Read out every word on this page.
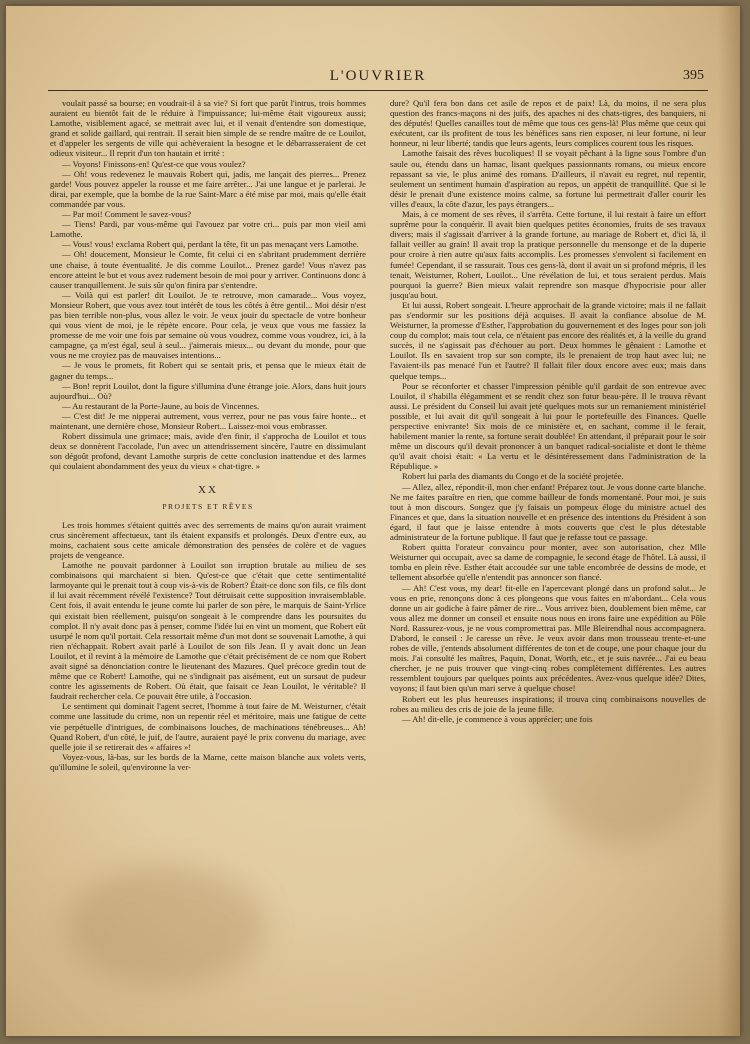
L'OUVRIER	395

voulait passé sa bourse; en voudrait-il à sa vie? Si fort que parût l'intrus, trois hommes auraient eu bientôt fait de le réduire à l'impuissance; lui-même était vigoureux aussi; Lamothe, visiblement agacé, se mettrait avec lui, et il venait d'entendre son domestique, grand et solide gaillard, qui rentrait. Il serait bien simple de se rendre maître de ce Louilot, et d'appeler les sergents de ville qui achèveraient la besogne et le débarrasseraient de cet odieux visiteur... Il reprit d'un ton hautain et irrité :

— Voyons! Finissons-en! Qu'est-ce que vous voulez?

— Oh! vous redevenez le mauvais Robert qui, jadis, me lançait des pierres... Prenez garde! Vous pouvez appeler la rousse et me faire arrêter... J'ai une langue et je parlerai. Je dirai, par exemple, que la bombe de la rue Saint-Marc a été mise par moi, mais qu'elle était commandée par vous.

— Par moi! Comment le savez-vous?

— Tiens! Pardi, par vous-même qui l'avouez par votre cri... puis par mon vieil ami Lamothe.

— Vous! vous! exclama Robert qui, perdant la tête, fit un pas menaçant vers Lamothe.

— Oh! doucement, Monsieur le Comte, fit celui ci en s'abritant prudemment derrière une chaise, à toute éventualité. Je dis comme Louilot... Prenez garde! Vous n'avez pas encore atteint le but et vous avez rudement besoin de moi pour y arriver. Continuons donc à causer tranquillement. Je suis sûr qu'on finira par s'entendre.

— Voilà qui est parler! dit Louilot. Je te retrouve, mon camarade... Vous voyez, Monsieur Robert, que vous avez tout intérêt de tous les côtés à être gentil... Moi désir n'est pas bien terrible non-plus, vous allez le voir. Je veux jouir du spectacle de votre bonheur qui vous vient de moi, je le répète encore. Pour cela, je veux que vous me fassiez la promesse de me voir une fois par semaine où vous voudrez, comme vous voudrez, ici, à la campagne, ça m'est égal, seul à seul... j'aimerais mieux... ou devant du monde, pour que vous ne me croyiez pas de mauvaises intentions...

— Je vous le promets, fit Robert qui se sentait pris, et pensa que le mieux était de gagner du temps...

— Bon! reprit Louilot, dont la figure s'illumina d'une étrange joie. Alors, dans huit jours aujourd'hui... Où?

— Au restaurant de la Porte-Jaune, au bois de Vincennes.

— C'est dit! Je me nipperai autrement, vous verrez, pour ne pas vous faire honte... et maintenant, une dernière chose, Monsieur Robert... Laissez-moi vous embrasser.

Robert dissimula une grimace; mais, avide d'en finir, il s'approcha de Louilot et tous deux se donnèrent l'accolade, l'un avec un attendrissement sincère, l'autre en dissimulant son dégoût profond, devant Lamothe surpris de cette conclusion inattendue et des larmes qui coulaient abondamment des yeux du vieux « chat-tigre. »

XX
PROJETS ET RÊVES

Les trois hommes s'étaient quittés avec des serrements de mains qu'on aurait vraiment crus sincèrement affectueux, tant ils étaient expansifs et prolongés. Deux d'entre eux, au moins, cachaient sous cette amicale démonstration des pensées de colère et de vagues projets de vengeance.

Lamothe ne pouvait pardonner à Louilot son irruption brutale au milieu de ses combinaisons qui marchaient si bien. Qu'est-ce que c'était que cette sentimentalité larmoyante qui le prenait tout à coup vis-à-vis de Robert? Était-ce donc son fils, ce fils dont il lui avait récemment révélé l'existence? Tout détruisait cette supposition invraisemblable. Cent fois, il avait entendu le jeune comte lui parler de son père, le marquis de Saint-Yrlice qui existait bien réellement, puisqu'on songeait à le comprendre dans les poursuites du complot. Il n'y avait donc pas à penser, comme l'idée lui en vint un moment, que Robert eût usurpé le nom qu'il portait. Cela ressortait même d'un mot dont se souvenait Lamothe, à qui rien n'échappait. Robert avait parlé à Louilot de son fils Jean. Il y avait donc un Jean Louilot, et il revint à la mémoire de Lamothe que c'était précisément de ce nom que Robert avait signé sa dénonciation contre le lieutenant des Mazures. Quel précoce gredin tout de même que ce Robert! Lamothe, qui ne s'indignait pas aisément, eut un sursaut de pudeur contre les agissements de Robert. Où était, que faisait ce Jean Louilot, le véritable? Il faudrait rechercher cela. Ce pouvait être utile, à l'occasion.

Le sentiment qui dominait l'agent secret, l'homme à tout faire de M. Weisturner, c'était comme une lassitude du crime, non un repentir réel et méritoire, mais une fatigue de cette vie perpétuelle d'intrigues, de combinaisons louches, de machinations ténébreuses... Ah! Quand Robert, d'un côté, le juif, de l'autre, auraient payé le prix convenu du mariage, avec quelle joie il se retirerait des « affaires »!

Voyez-vous, là-bas, sur les bords de la Marne, cette maison blanche aux volets verts, qu'illumine le soleil, qu'environne la ver-

dure? Qu'il fera bon dans cet asile de repos et de paix! Là, du moins, il ne sera plus question des francs-maçons ni des juifs, des apaches ni des chats-tigres, des banquiers, ni des députés! Quelles canailles tout de même que tous ces gens-là! Plus même que ceux qui exécutent, car ils profitent de tous les bénéfices sans rien exposer, ni leur fortune, ni leur honneur, ni leur liberté; tandis que leurs agents, leurs complices courent tous les risques.

Lamothe faisait des rêves bucoliques! Il se voyait pêchant à la ligne sous l'ombre d'un saule ou, étendu dans un hamac, lisant quelques passionnants romans, ou mieux encore repassant sa vie, le plus animé des romans. D'ailleurs, il n'avait eu regret, nul repentir, seulement un sentiment humain d'aspiration au repos, un appétit de tranquillité. Que si le désir le prenait d'une existence moins calme, sa fortune lui permettrait d'aller courir les villes d'eaux, la côte d'azur, les pays étrangers...

Mais, à ce moment de ses rêves, il s'arrêta. Cette fortune, il lui restait à faire un effort suprême pour la conquérir. Il avait bien quelques petites économies, fruits de ses travaux divers; mais il s'agissait d'arriver à la grande fortune, au mariage de Robert et, d'ici là, il fallait veiller au grain! Il avait trop la pratique personnelle du mensonge et de la duperie pour croire à rien autre qu'aux faits accomplis. Les promesses s'envolent si facilement en fumée! Cependant, il se rassurait. Tous ces gens-là, dont il avait un si profond mépris, il les tenait, Weisturner, Robert, Louilot... Une révélation de lui, et tous seraient perdus. Mais pourquoi la guerre? Bien mieux valait reprendre son masque d'hypocrisie pour aller jusqu'au bout.

Et lui aussi, Robert songeait. L'heure approchait de la grande victoire; mais il ne fallait pas s'endormir sur les positions déjà acquises. Il avait la confiance absolue de M. Weisturner, la promesse d'Esther, l'approbation du gouvernement et des loges pour son joli coup du complot; mais tout cela, ce n'étaient pas encore des réalités et, à la veille du grand succès, il ne s'agissait pas d'échouer au port. Deux hommes le gênaient : Lamothe et Louilot. Ils en savaient trop sur son compte, ils le prenaient de trop haut avec lui; ne l'avaient-ils pas menacé l'un et l'autre? Il fallait filer doux encore avec eux; mais dans quelque temps...

Pour se réconforter et chasser l'impression pénible qu'il gardait de son entrevue avec Louilot, il s'habilla élégamment et se rendit chez son futur beau-père. Il le trouva rêvant aussi. Le président du Conseil lui avait jeté quelques mots sur un remaniement ministériel possible, et lui avait dit qu'il songeait à lui pour le portefeuille des Finances. Quelle perspective enivrante! Six mois de ce ministère et, en sachant, comme il le ferait, habilement manier la rente, sa fortune serait doublée! En attendant, il préparait pour le soir même un discours qu'il devait prononcer à un banquet radical-socialiste et dont le thème qu'il avait choisi était: « La vertu et le désintéressement dans l'administration de la République. »

Robert lui parla des diamants du Congo et de la société projetée.

— Allez, allez, répondit-il, mon cher enfant! Préparez tout. Je vous donne carte blanche. Ne me faites paraître en rien, que comme bailleur de fonds momentané. Pour moi, je suis tout à mon discours. Songez que j'y faisais un pompeux éloge du ministre actuel des Finances et que, dans la situation nouvelle et en présence des intentions du Président à son égard, il faut que je laisse entendre à mots couverts que c'est le plus détestable administrateur de la fortune publique. Il faut que je refasse tout ce passage.

Robert quitta l'orateur convaincu pour monter, avec son autorisation, chez Mlle Weisturner qui occupait, avec sa dame de compagnie, le second étage de l'hôtel. Là aussi, il tomba en plein rêve. Esther était accoudée sur une table encombrée de dessins de mode, et tellement absorbée qu'elle n'entendit pas annoncer son fiancé.

— Ah! C'est vous, my dear! fit-elle en l'apercevant plongé dans un profond salut... Je vous en prie, renonçons donc à ces plongeons que vous faites en m'abordant... Cela vous donne un air godiche à faire pâmer de rire... Vous arrivez bien, doublement bien même, car vous allez me donner un conseil et ensuite nous nous en irons faire une expédition au Pôle Nord. Rassurez-vous, je ne vous compromettrai pas. Mlle Bleirendhal nous accompagnera. D'abord, le conseil : Je caresse un rêve. Je veux avoir dans mon trousseau trente-et-une robes de ville, j'entends absolument différentes de ton et de coupe, une pour chaque jour du mois. J'ai consulté les maîtres, Paquin, Donat, Worth, etc., et je suis navrée... J'ai eu beau chercher, je ne puis trouver que vingt-cinq robes complètement différentes. Les autres ressemblent toujours par quelques points aux précédentes. Avez-vous quelque idée? Dites, voyons; il faut bien qu'un mari serve à quelque chose!

Robert eut les plus heureuses inspirations; il trouva cinq combinaisons nouvelles de robes au milieu des cris de joie de la jeune fille.

— Ah! dit-elle, je commence à vous apprécier; une fois
